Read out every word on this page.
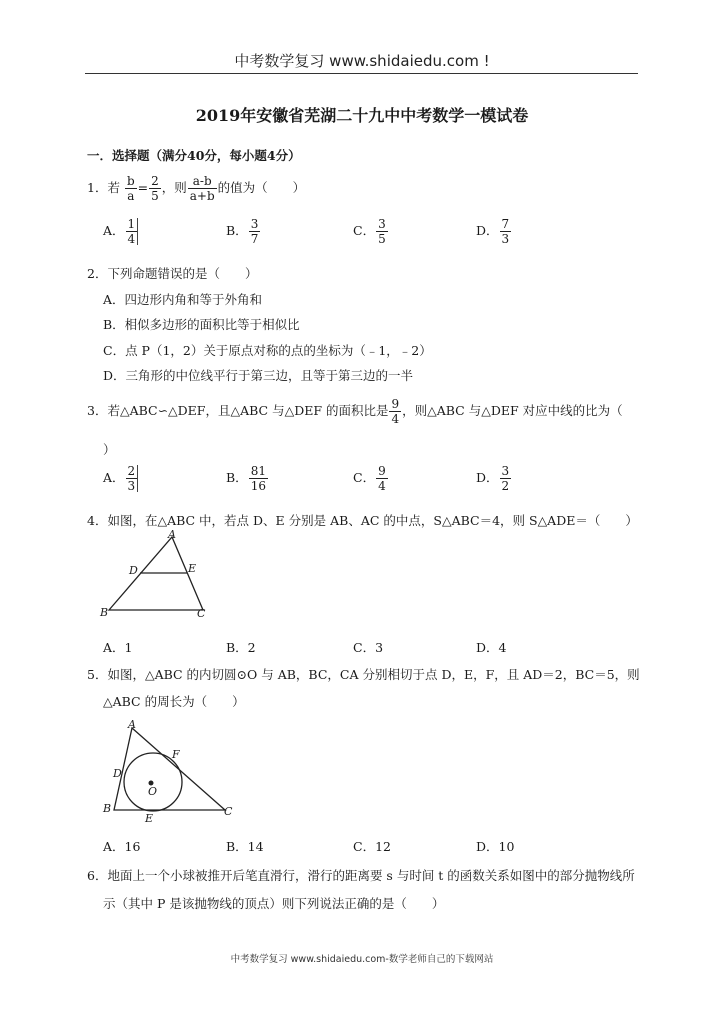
中考数学复习 www.shidaiedu.com !
2019年安徽省芜湖二十九中中考数学一模试卷
一．选择题（满分40分，每小题4分）
1．若 $\frac{b}{a} = \frac{2}{5}$ ，则 $\frac{a-b}{a+b}$ 的值为（　　）
A． $\frac{1}{4}$	B． $\frac{3}{7}$	C． $\frac{3}{5}$	D． $\frac{7}{3}$
2．下列命题错误的是（　　）
A．四边形内角和等于外角和
B．相似多边形的面积比等于相似比
C．点 P（1，2）关于原点对称的点的坐标为（﹣1，﹣2）
D．三角形的中位线平行于第三边，且等于第三边的一半
3．若△ABC∽△DEF，且△ABC 与△DEF 的面积比是 $\frac{9}{4}$ ，则△ABC 与△DEF 对应中线的比为（
）
A． $\frac{2}{3}$	B． $\frac{81}{16}$	C． $\frac{9}{4}$	D． $\frac{3}{2}$
4．如图，在△ABC 中，若点 D、E 分别是 AB、AC 的中点，S△ABC＝4，则 S△ADE＝（　　）
A
B	C
D	E
A．1	B．2	C．3	D．4
5．如图，△ABC 的内切圆⊙O 与 AB，BC，CA 分别相切于点 D，E，F，且 AD＝2，BC＝5，则
△ABC 的周长为（　　）
A
B	C
D
E
F
O
A．16	B．14	C．12	D．10
6．地面上一个小球被推开后笔直滑行，滑行的距离要 s 与时间 t 的函数关系如图中的部分抛物线所
示（其中 P 是该抛物线的顶点）则下列说法正确的是（　　）
中考数学复习 www.shidaiedu.com-数学老师自己的下载网站
